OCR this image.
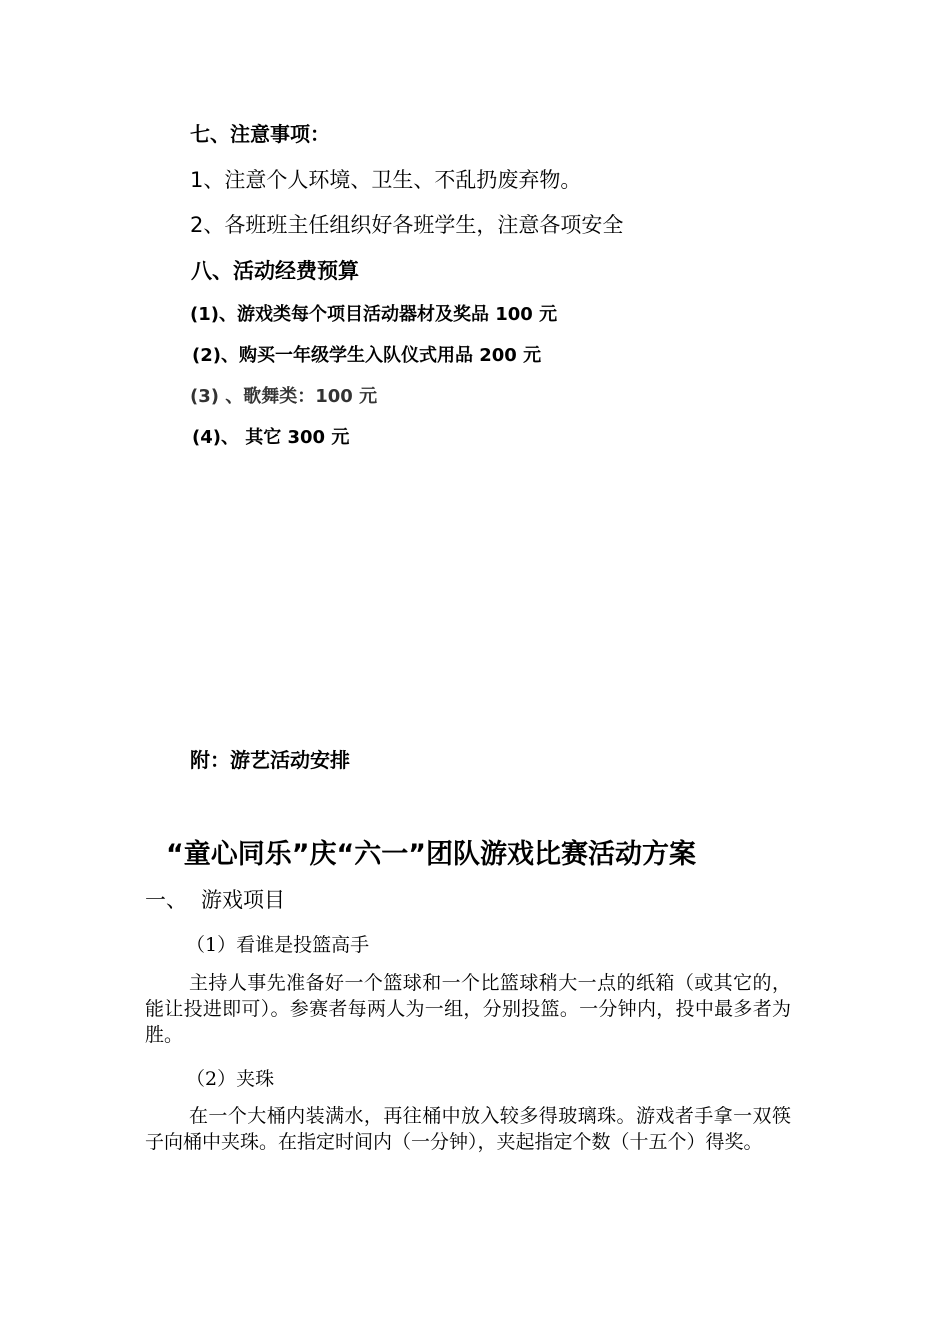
七、注意事项：

1、注意个人环境、卫生、不乱扔废弃物。

2、各班班主任组织好各班学生，注意各项安全

八、活动经费预算

(1)、游戏类每个项目活动器材及奖品 100 元

(2)、购买一年级学生入队仪式用品 200 元

(3) 、歌舞类：100 元

(4)、 其它 300 元

附：游艺活动安排

“童心同乐”庆“六一”团队游戏比赛活动方案

一、 游戏项目

（1）看谁是投篮高手

主持人事先准备好一个篮球和一个比篮球稍大一点的纸箱（或其它的，能让投进即可）。参赛者每两人为一组，分别投篮。一分钟内，投中最多者为胜。

（2）夹珠

在一个大桶内装满水，再往桶中放入较多得玻璃珠。游戏者手拿一双筷子向桶中夹珠。在指定时间内（一分钟），夹起指定个数（十五个）得奖。
